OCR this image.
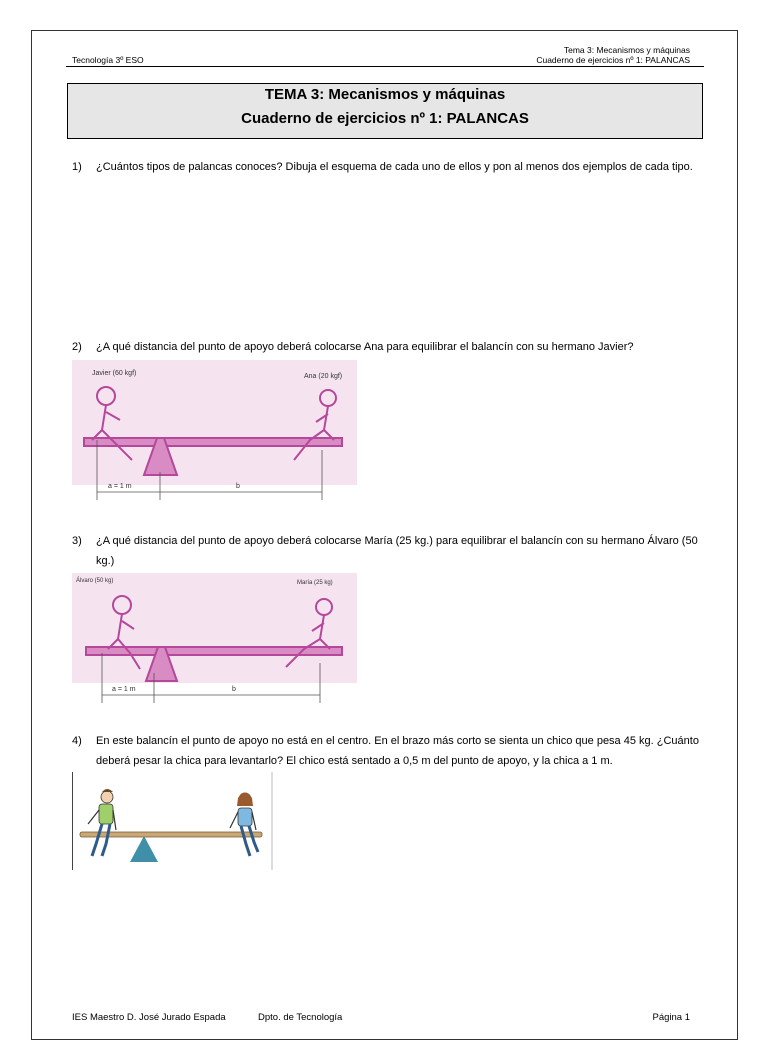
Tecnología 3º ESO
Tema 3: Mecanismos y máquinas
Cuaderno de ejercicios nº 1: PALANCAS
TEMA 3: Mecanismos y máquinas
Cuaderno de ejercicios nº 1: PALANCAS
1) ¿Cuántos tipos de palancas conoces? Dibuja el esquema de cada uno de ellos y pon al menos dos ejemplos de cada tipo.
2) ¿A qué distancia del punto de apoyo deberá colocarse Ana para equilibrar el balancín con su hermano Javier?
Javier (60 kgf)	Ana (20 kgf)
a = 1 m	b
3) ¿A qué distancia del punto de apoyo deberá colocarse María (25 kg.) para equilibrar el balancín con su hermano Álvaro (50 kg.)
Álvaro (50 kg)	María (25 kg)
a = 1 m	b
4) En este balancín el punto de apoyo no está en el centro. En el brazo más corto se sienta un chico que pesa 45 kg. ¿Cuánto deberá pesar la chica para levantarlo? El chico está sentado a 0,5 m del punto de apoyo, y la chica a 1 m.
IES Maestro D. José Jurado Espada	Dpto. de Tecnología	Página 1
